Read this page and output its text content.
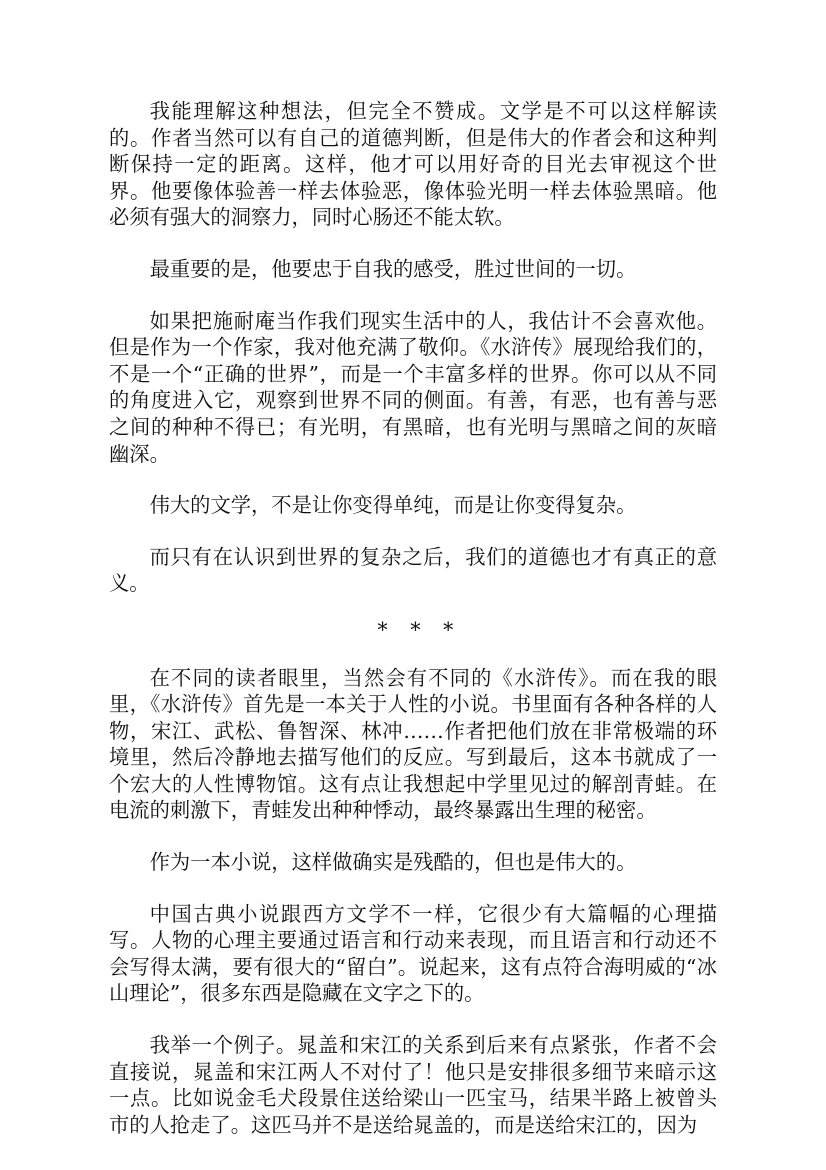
我能理解这种想法，但完全不赞成。文学是不可以这样解读的。作者当然可以有自己的道德判断，但是伟大的作者会和这种判断保持一定的距离。这样，他才可以用好奇的目光去审视这个世界。他要像体验善一样去体验恶，像体验光明一样去体验黑暗。他必须有强大的洞察力，同时心肠还不能太软。

最重要的是，他要忠于自我的感受，胜过世间的一切。

如果把施耐庵当作我们现实生活中的人，我估计不会喜欢他。但是作为一个作家，我对他充满了敬仰。《水浒传》展现给我们的，不是一个“正确的世界”，而是一个丰富多样的世界。你可以从不同的角度进入它，观察到世界不同的侧面。有善，有恶，也有善与恶之间的种种不得已；有光明，有黑暗，也有光明与黑暗之间的灰暗幽深。

伟大的文学，不是让你变得单纯，而是让你变得复杂。

而只有在认识到世界的复杂之后，我们的道德也才有真正的意义。

* * *

在不同的读者眼里，当然会有不同的《水浒传》。而在我的眼里，《水浒传》首先是一本关于人性的小说。书里面有各种各样的人物，宋江、武松、鲁智深、林冲……作者把他们放在非常极端的环境里，然后冷静地去描写他们的反应。写到最后，这本书就成了一个宏大的人性博物馆。这有点让我想起中学里见过的解剖青蛙。在电流的刺激下，青蛙发出种种悸动，最终暴露出生理的秘密。

作为一本小说，这样做确实是残酷的，但也是伟大的。

中国古典小说跟西方文学不一样，它很少有大篇幅的心理描写。人物的心理主要通过语言和行动来表现，而且语言和行动还不会写得太满，要有很大的“留白”。说起来，这有点符合海明威的“冰山理论”，很多东西是隐藏在文字之下的。

我举一个例子。晁盖和宋江的关系到后来有点紧张，作者不会直接说，晁盖和宋江两人不对付了！他只是安排很多细节来暗示这一点。比如说金毛犬段景住送给梁山一匹宝马，结果半路上被曾头市的人抢走了。这匹马并不是送给晁盖的，而是送给宋江的，因为
